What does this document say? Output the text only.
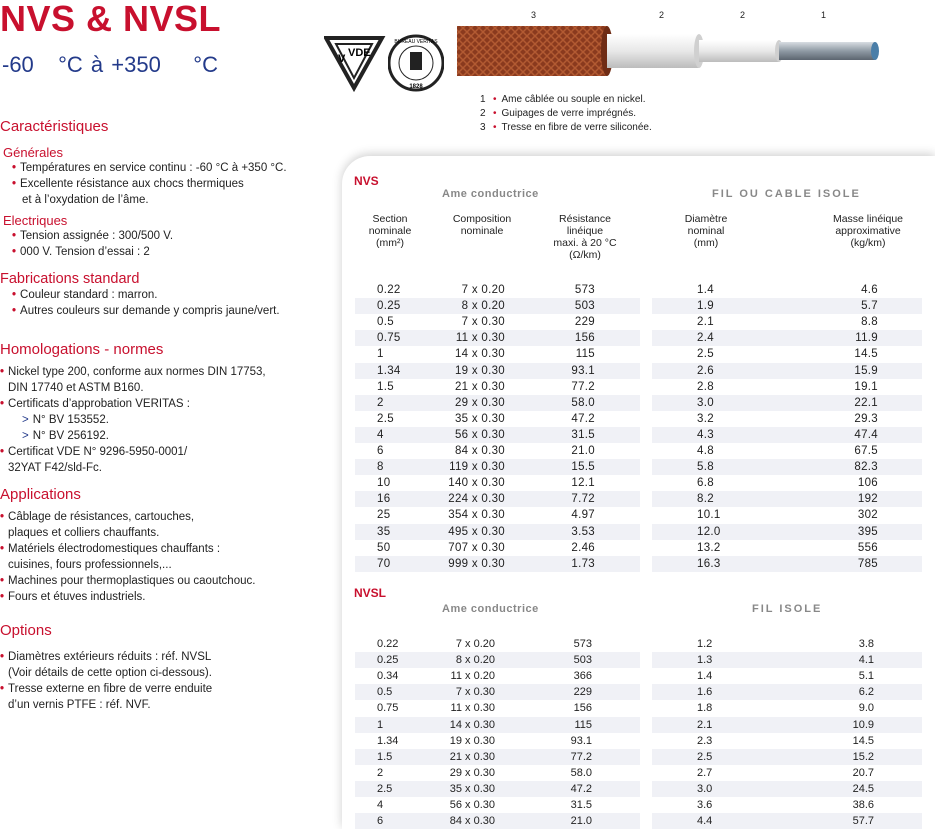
NVS & NVSL
-60   °C à +350    °C	V VDE
BUREAU VERITAS
1828
3	2	2	1
1 • Ame câblée ou souple en nickel.
2 • Guipages de verre imprégnés.
3 • Tresse en fibre de verre siliconée.
Caractéristiques
Générales
• Températures en service continu : -60 °C à +350 °C.
• Excellente résistance aux chocs thermiques
et à l’oxydation de l’âme.
Electriques
• Tension assignée : 300/500 V.
• 000 V. Tension d’essai : 2
Fabrications standard
• Couleur standard : marron.
• Autres couleurs sur demande y compris jaune/vert.
Homologations - normes
• Nickel type 200, conforme aux normes DIN 17753,
DIN 17740 et ASTM B160.
• Certificats d’approbation VERITAS :
> N° BV 153552.
> N° BV 256192.
• Certificat VDE N° 9296-5950-0001/
32YAT F42/sld-Fc.
Applications
• Câblage de résistances, cartouches,
plaques et colliers chauffants.
• Matériels électrodomestiques chauffants :
cuisines, fours professionnels,...
• Machines pour thermoplastiques ou caoutchouc.
• Fours et étuves industriels.
Options
• Diamètres extérieurs réduits : réf. NVSL
(Voir détails de cette option ci-dessous).
• Tresse externe en fibre de verre enduite
d’un vernis PTFE : réf. NVF.
NVS
Ame conductrice	FIL OU CABLE ISOLE
Section
nominale
(mm²)
Composition
nominale
Résistance
linéique
maxi. à 20 °C
(Ω/km)
Diamètre
nominal
(mm)
Masse linéique
approximative
(kg/km)
0.22	7 x 0.20	573	1.4	4.6
0.25	8 x 0.20	503	1.9	5.7
0.5	7 x 0.30	229	2.1	8.8
0.75	11 x 0.30	156	2.4	11.9
1	14 x 0.30	115	2.5	14.5
1.34	19 x 0.30	93.1	2.6	15.9
1.5	21 x 0.30	77.2	2.8	19.1
2	29 x 0.30	58.0	3.0	22.1
2.5	35 x 0.30	47.2	3.2	29.3
4	56 x 0.30	31.5	4.3	47.4
6	84 x 0.30	21.0	4.8	67.5
8	119 x 0.30	15.5	5.8	82.3
10	140 x 0.30	12.1	6.8	106
16	224 x 0.30	7.72	8.2	192
25	354 x 0.30	4.97	10.1	302
35	495 x 0.30	3.53	12.0	395
50	707 x 0.30	2.46	13.2	556
70	999 x 0.30	1.73	16.3	785
NVSL
Ame conductrice	FIL ISOLE
0.22	7 x 0.20	573	1.2	3.8
0.25	8 x 0.20	503	1.3	4.1
0.34	11 x 0.20	366	1.4	5.1
0.5	7 x 0.30	229	1.6	6.2
0.75	11 x 0.30	156	1.8	9.0
1	14 x 0.30	115	2.1	10.9
1.34	19 x 0.30	93.1	2.3	14.5
1.5	21 x 0.30	77.2	2.5	15.2
2	29 x 0.30	58.0	2.7	20.7
2.5	35 x 0.30	47.2	3.0	24.5
4	56 x 0.30	31.5	3.6	38.6
6	84 x 0.30	21.0	4.4	57.7
